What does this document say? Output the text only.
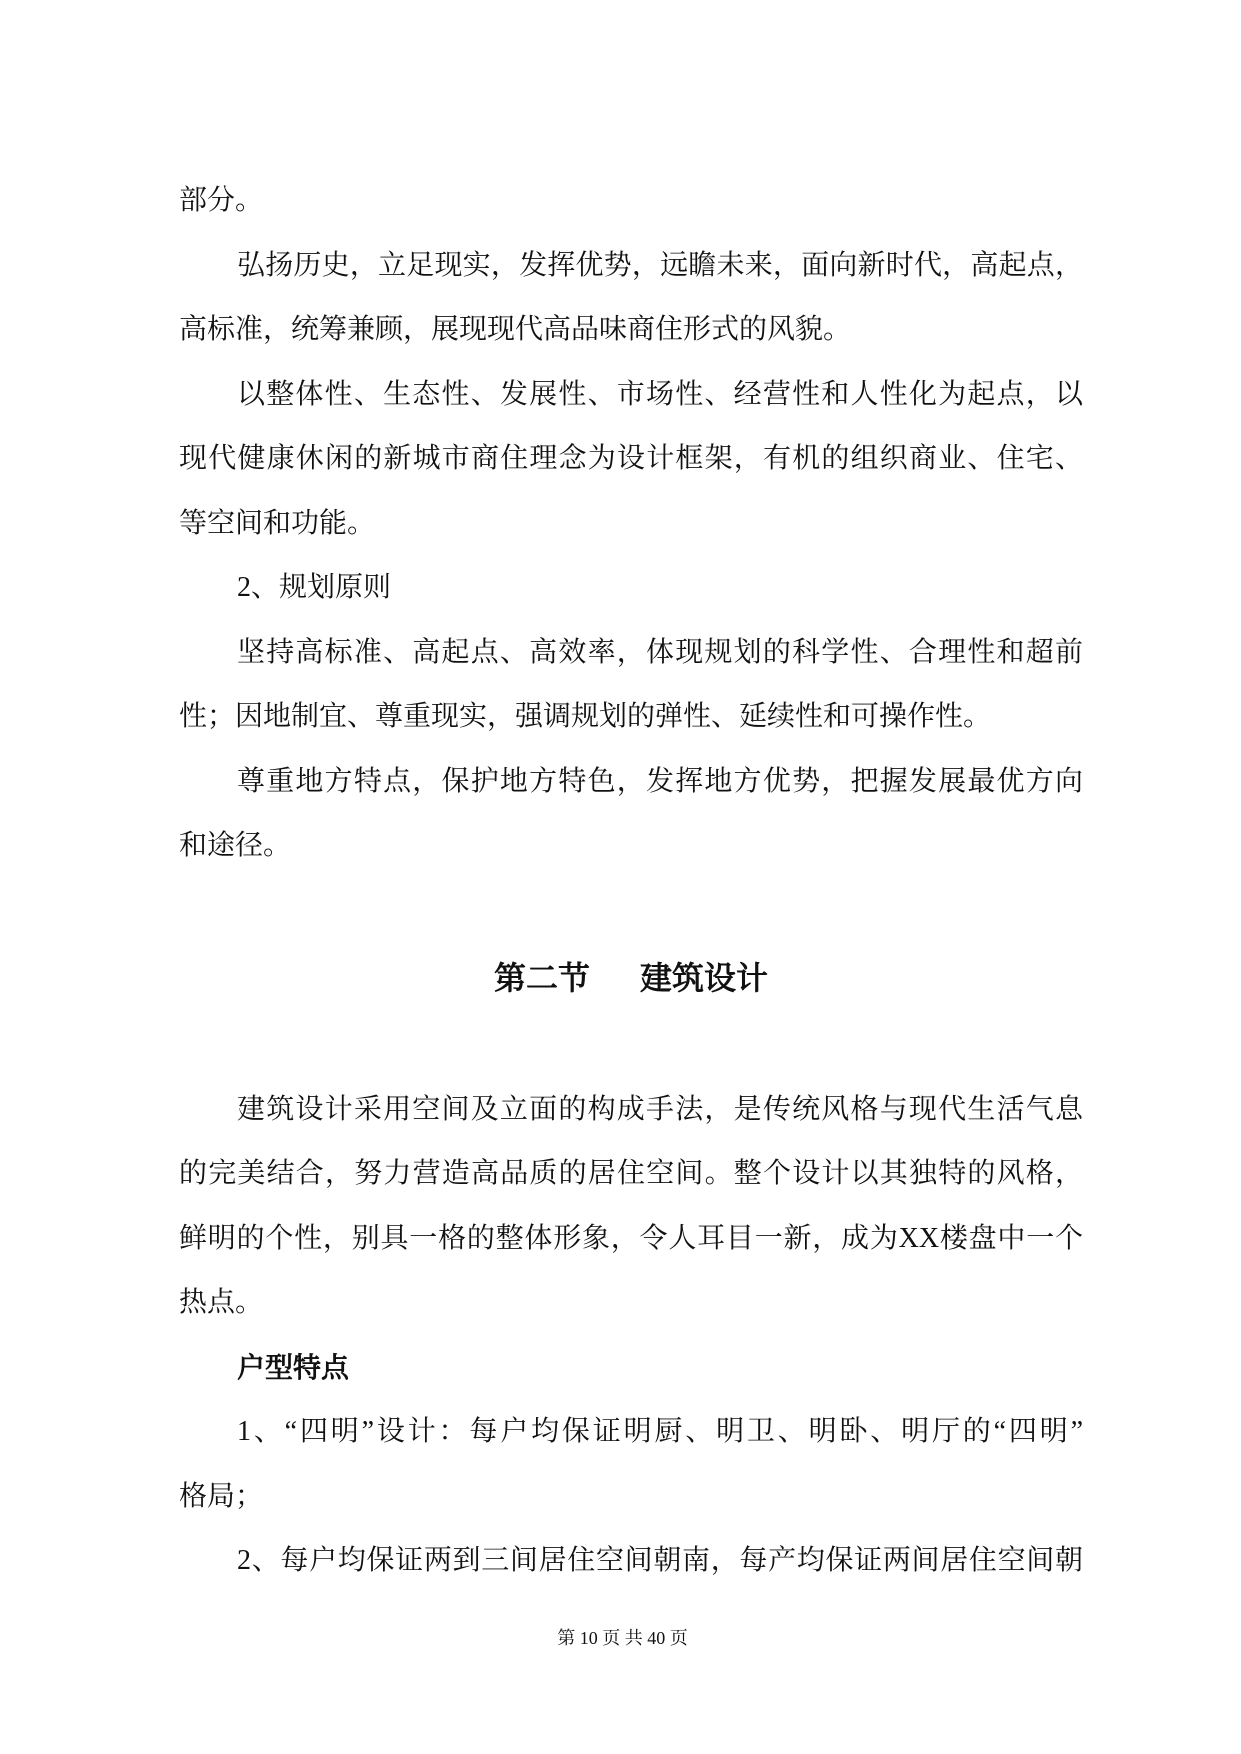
部分。
弘扬历史，立足现实，发挥优势，远瞻未来，面向新时代，高起点，
高标准，统筹兼顾，展现现代高品味商住形式的风貌。
以整体性、生态性、发展性、市场性、经营性和人性化为起点，以
现代健康休闲的新城市商住理念为设计框架，有机的组织商业、住宅、
等空间和功能。
2、规划原则
坚持高标准、高起点、高效率，体现规划的科学性、合理性和超前
性；因地制宜、尊重现实，强调规划的弹性、延续性和可操作性。
尊重地方特点，保护地方特色，发挥地方优势，把握发展最优方向
和途径。
第二节 建筑设计
建筑设计采用空间及立面的构成手法，是传统风格与现代生活气息
的完美结合，努力营造高品质的居住空间。整个设计以其独特的风格，
鲜明的个性，别具一格的整体形象，令人耳目一新，成为XX楼盘中一个
热点。
户型特点
1、“四明”设计：每户均保证明厨、明卫、明卧、明厅的“四明”
格局；
2、每户均保证两到三间居住空间朝南，每产均保证两间居住空间朝
第 10 页 共 40 页
